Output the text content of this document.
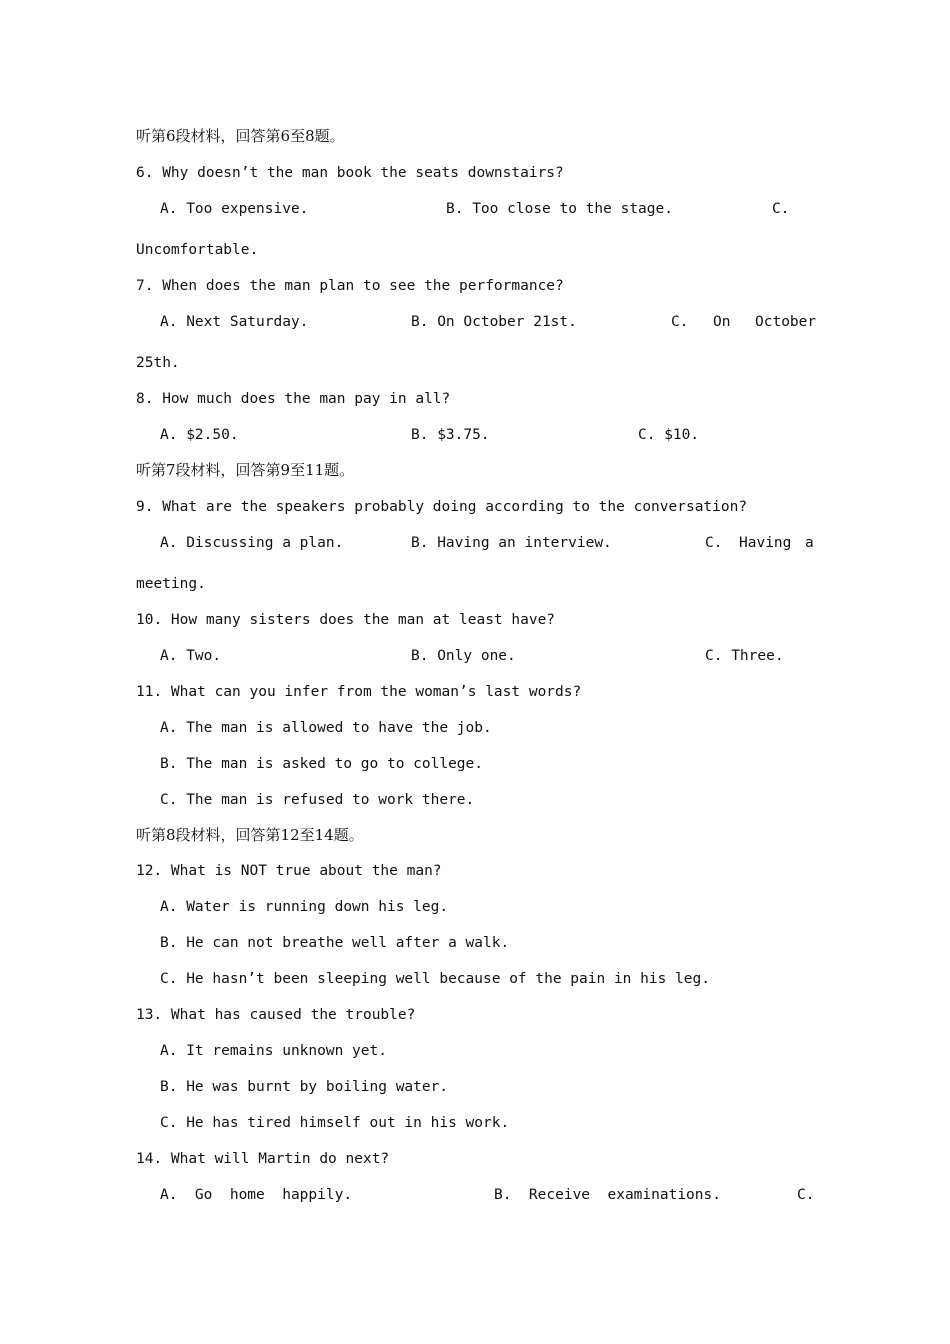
听第6段材料，回答第6至8题。
6. Why doesn’t the man book the seats downstairs?
A. Too expensive.	B. Too close to the stage.	C.
Uncomfortable.
7. When does the man plan to see the performance?
A. Next Saturday.	B. On October 21st.	C. On October
25th.
8. How much does the man pay in all?
A. $2.50.	B. $3.75.	C. $10.
听第7段材料，回答第9至11题。
9. What are the speakers probably doing according to the conversation?
A. Discussing a plan.	B. Having an interview.	C. Having a
meeting.
10. How many sisters does the man at least have?
A. Two.	B. Only one.	C. Three.
11. What can you infer from the woman’s last words?
A. The man is allowed to have the job.
B. The man is asked to go to college.
C. The man is refused to work there.
听第8段材料，回答第12至14题。
12. What is NOT true about the man?
A. Water is running down his leg.
B. He can not breathe well after a walk.
C. He hasn’t been sleeping well because of the pain in his leg.
13. What has caused the trouble?
A. It remains unknown yet.
B. He was burnt by boiling water.
C. He has tired himself out in his work.
14. What will Martin do next?
A.  Go  home  happily.	B.  Receive  examinations.	C.
